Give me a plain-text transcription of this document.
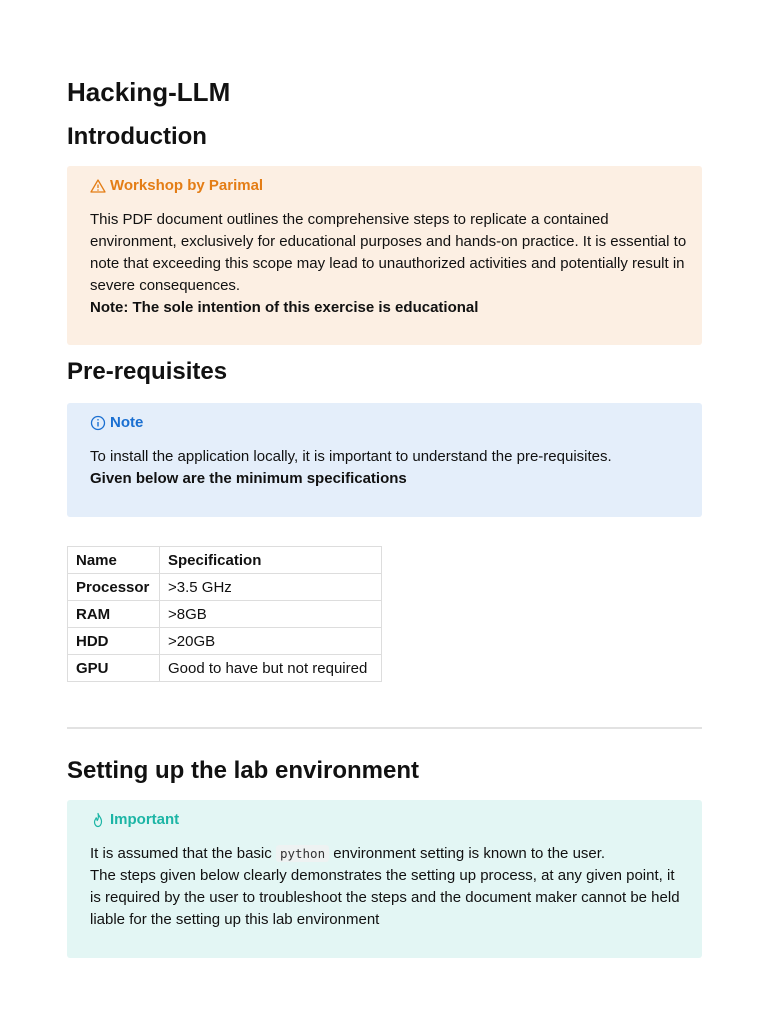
Hacking-LLM
Introduction
Workshop by Parimal

This PDF document outlines the comprehensive steps to replicate a contained environment, exclusively for educational purposes and hands-on practice. It is essential to note that exceeding this scope may lead to unauthorized activities and potentially result in severe consequences.

Note: The sole intention of this exercise is educational

Pre-requisites
Note

To install the application locally, it is important to understand the pre-requisites.

Given below are the minimum specifications

Name	Specification
Processor	>3.5 GHz
RAM	>8GB
HDD	>20GB
GPU	Good to have but not required
Setting up the lab environment
Important

It is assumed that the basic python environment setting is known to the user.

The steps given below clearly demonstrates the setting up process, at any given point, it is required by the user to troubleshoot the steps and the document maker cannot be held liable for the setting up this lab environment
